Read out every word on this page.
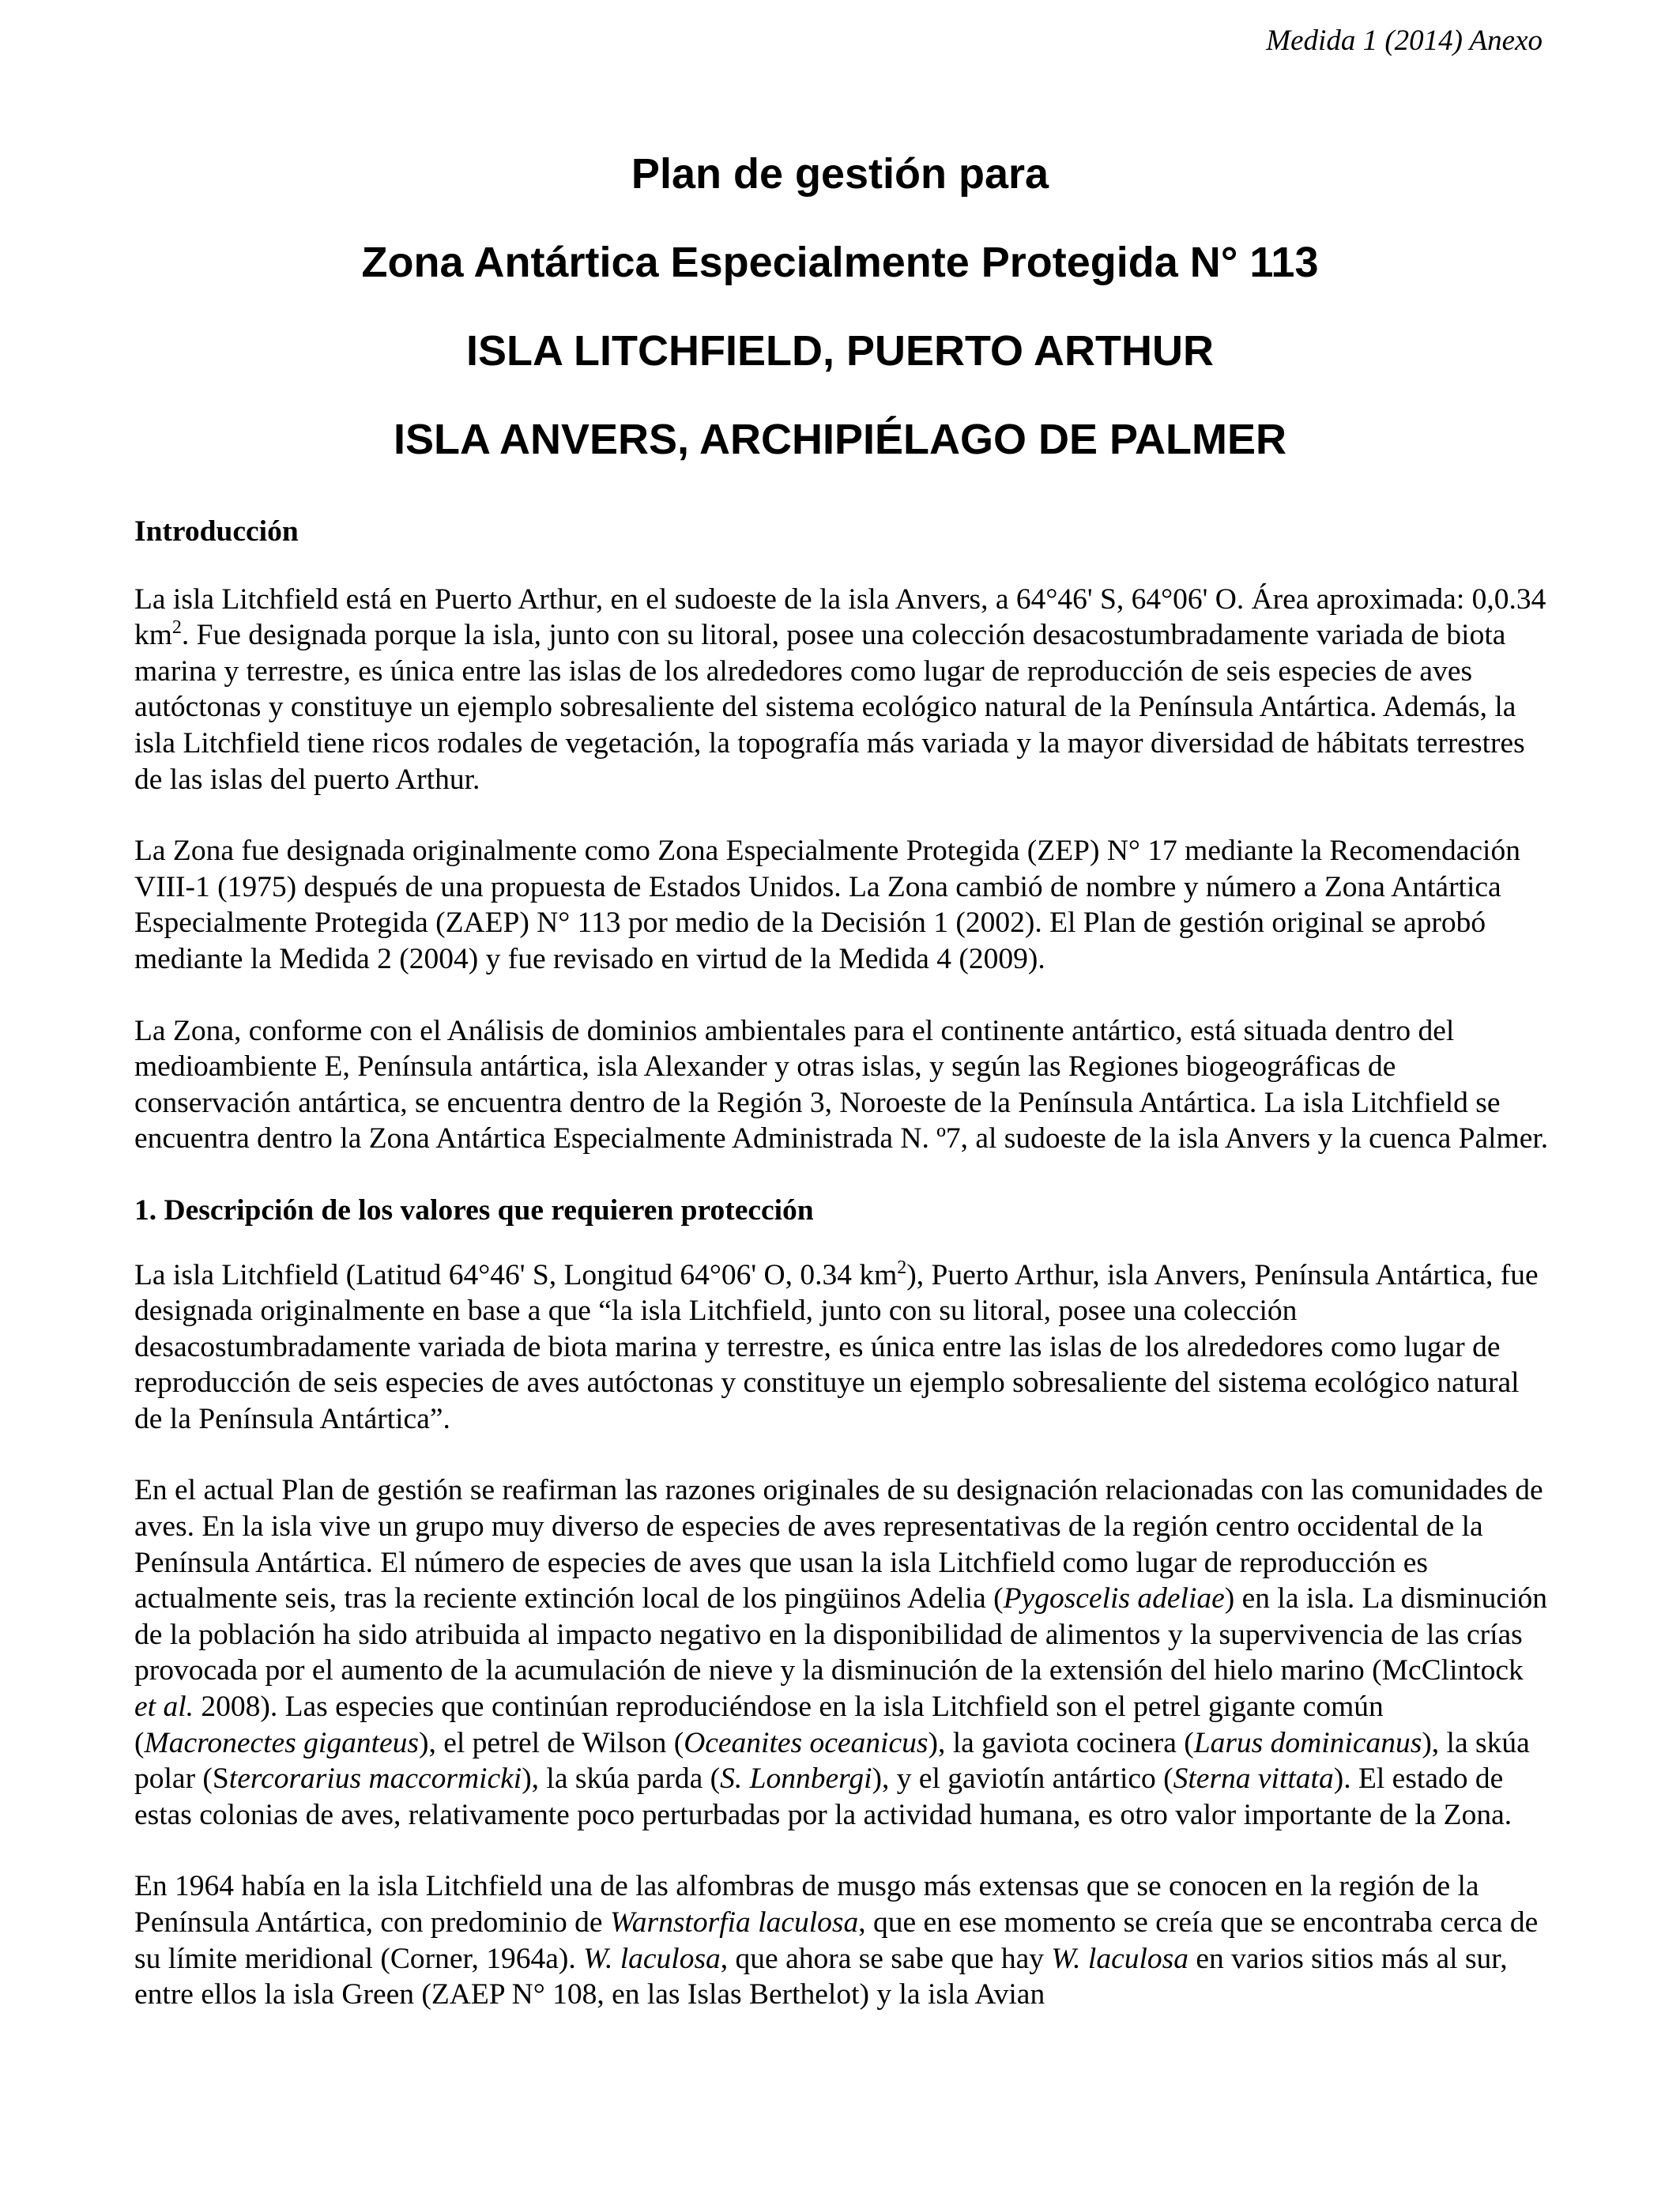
Medida 1 (2014) Anexo
Plan de gestión para
Zona Antártica Especialmente Protegida N° 113
ISLA LITCHFIELD, PUERTO ARTHUR
ISLA ANVERS, ARCHIPIÉLAGO DE PALMER
Introducción

La isla Litchfield está en Puerto Arthur, en el sudoeste de la isla Anvers, a 64°46' S, 64°06' O. Área aproximada: 0,0.34 $km^2$. Fue designada porque la isla, junto con su litoral, posee una colección desacostumbradamente variada de biota marina y terrestre, es única entre las islas de los alrededores como lugar de reproducción de seis especies de aves autóctonas y constituye un ejemplo sobresaliente del sistema ecológico natural de la Península Antártica. Además, la isla Litchfield tiene ricos rodales de vegetación, la topografía más variada y la mayor diversidad de hábitats terrestres de las islas del puerto Arthur.

La Zona fue designada originalmente como Zona Especialmente Protegida (ZEP) N° 17 mediante la Recomendación VIII-1 (1975) después de una propuesta de Estados Unidos. La Zona cambió de nombre y número a Zona Antártica Especialmente Protegida (ZAEP) N° 113 por medio de la Decisión 1 (2002). El Plan de gestión original se aprobó mediante la Medida 2 (2004) y fue revisado en virtud de la Medida 4 (2009).

La Zona, conforme con el Análisis de dominios ambientales para el continente antártico, está situada dentro del medioambiente E, Península antártica, isla Alexander y otras islas, y según las Regiones biogeográficas de conservación antártica, se encuentra dentro de la Región 3, Noroeste de la Península Antártica. La isla Litchfield se encuentra dentro la Zona Antártica Especialmente Administrada N. º7, al sudoeste de la isla Anvers y la cuenca Palmer.

1. Descripción de los valores que requieren protección

La isla Litchfield (Latitud 64°46' S, Longitud 64°06' O, 0.34 $km^2$), Puerto Arthur, isla Anvers, Península Antártica, fue designada originalmente en base a que “la isla Litchfield, junto con su litoral, posee una colección desacostumbradamente variada de biota marina y terrestre, es única entre las islas de los alrededores como lugar de reproducción de seis especies de aves autóctonas y constituye un ejemplo sobresaliente del sistema ecológico natural de la Península Antártica”.

En el actual Plan de gestión se reafirman las razones originales de su designación relacionadas con las comunidades de aves. En la isla vive un grupo muy diverso de especies de aves representativas de la región centro occidental de la Península Antártica. El número de especies de aves que usan la isla Litchfield como lugar de reproducción es actualmente seis, tras la reciente extinción local de los pingüinos Adelia (Pygoscelis adeliae) en la isla. La disminución de la población ha sido atribuida al impacto negativo en la disponibilidad de alimentos y la supervivencia de las crías provocada por el aumento de la acumulación de nieve y la disminución de la extensión del hielo marino (McClintock et al. 2008). Las especies que continúan reproduciéndose en la isla Litchfield son el petrel gigante común (Macronectes giganteus), el petrel de Wilson (Oceanites oceanicus), la gaviota cocinera (Larus dominicanus), la skúa polar (Stercorarius maccormicki), la skúa parda (S. Lonnbergi), y el gaviotín antártico (Sterna vittata). El estado de estas colonias de aves, relativamente poco perturbadas por la actividad humana, es otro valor importante de la Zona.

En 1964 había en la isla Litchfield una de las alfombras de musgo más extensas que se conocen en la región de la Península Antártica, con predominio de Warnstorfia laculosa, que en ese momento se creía que se encontraba cerca de su límite meridional (Corner, 1964a). W. laculosa, que ahora se sabe que hay W. laculosa en varios sitios más al sur, entre ellos la isla Green (ZAEP N° 108, en las Islas Berthelot) y la isla Avian
